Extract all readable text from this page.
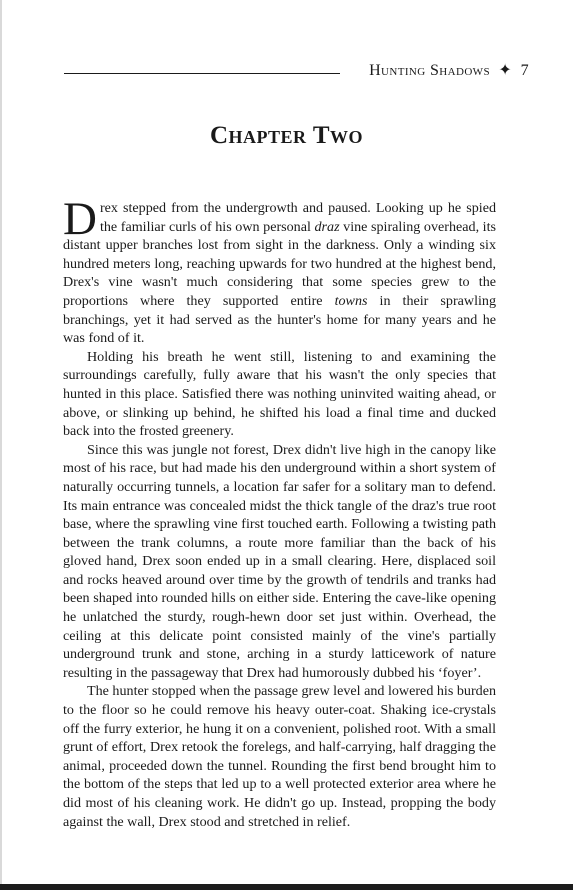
Hunting Shadows ✦ 7
Chapter Two

Drex stepped from the undergrowth and paused. Looking up he spied the familiar curls of his own personal draz vine spiraling overhead, its distant upper branches lost from sight in the darkness. Only a winding six hundred meters long, reaching upwards for two hundred at the highest bend, Drex's vine wasn't much considering that some species grew to the proportions where they supported entire towns in their sprawling branchings, yet it had served as the hunter's home for many years and he was fond of it.

Holding his breath he went still, listening to and examining the surroundings carefully, fully aware that his wasn't the only species that hunted in this place. Satisfied there was nothing uninvited waiting ahead, or above, or slinking up behind, he shifted his load a final time and ducked back into the frosted greenery.

Since this was jungle not forest, Drex didn't live high in the canopy like most of his race, but had made his den underground within a short system of naturally occurring tunnels, a location far safer for a solitary man to defend. Its main entrance was concealed midst the thick tangle of the draz's true root base, where the sprawling vine first touched earth. Following a twisting path between the trank columns, a route more familiar than the back of his gloved hand, Drex soon ended up in a small clearing. Here, displaced soil and rocks heaved around over time by the growth of tendrils and tranks had been shaped into rounded hills on either side. Entering the cave-like opening he unlatched the sturdy, rough-hewn door set just within. Overhead, the ceiling at this delicate point consisted mainly of the vine's partially underground trunk and stone, arching in a sturdy latticework of nature resulting in the passageway that Drex had humorously dubbed his ‘foyer’.

The hunter stopped when the passage grew level and lowered his burden to the floor so he could remove his heavy outer-coat. Shaking ice-crystals off the furry exterior, he hung it on a convenient, polished root. With a small grunt of effort, Drex retook the forelegs, and half-carrying, half dragging the animal, proceeded down the tunnel. Rounding the first bend brought him to the bottom of the steps that led up to a well protected exterior area where he did most of his cleaning work. He didn't go up. Instead, propping the body against the wall, Drex stood and stretched in relief.
